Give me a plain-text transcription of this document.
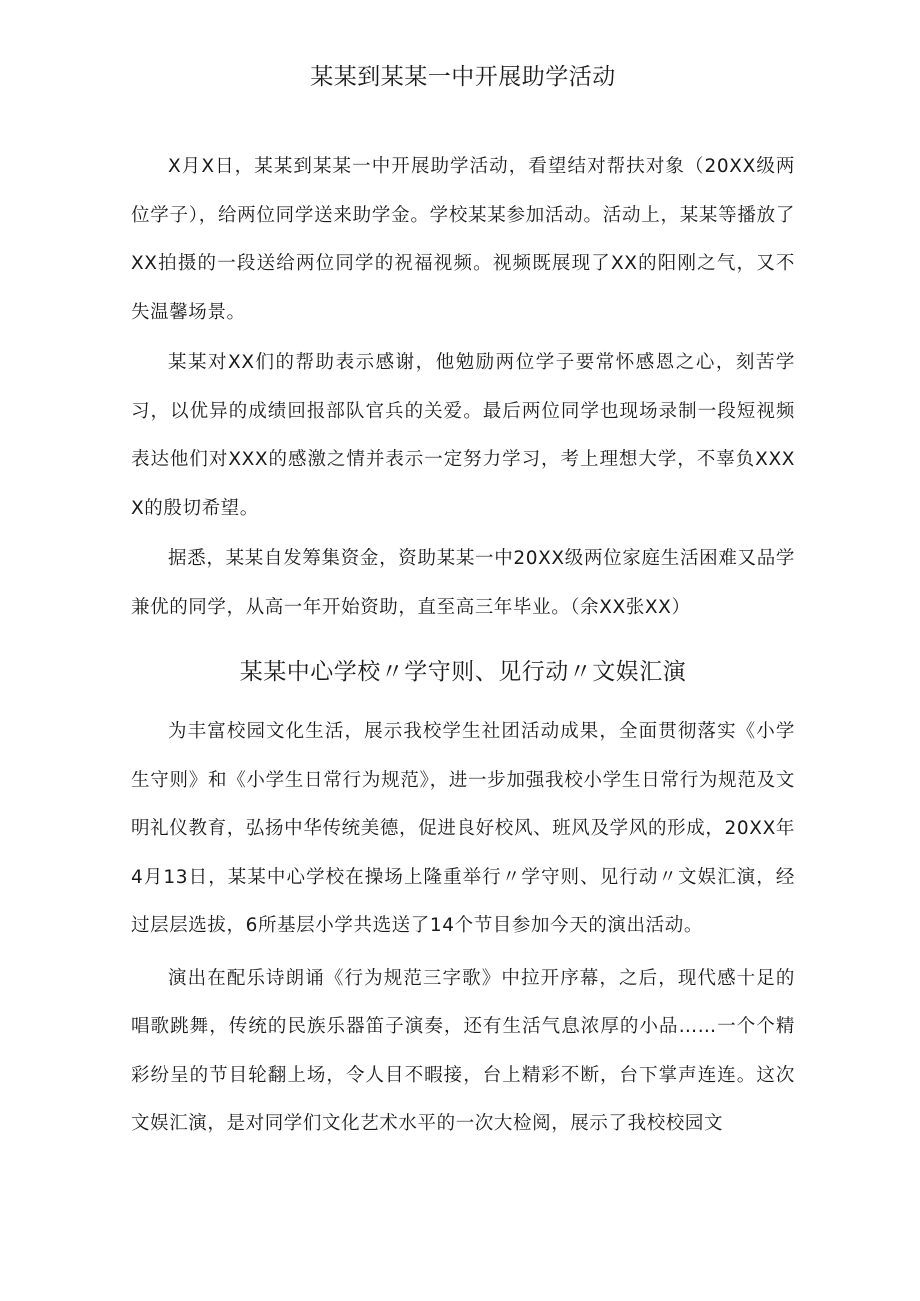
某某到某某一中开展助学活动

X月X日，某某到某某一中开展助学活动，看望结对帮扶对象（20XX级两位学子），给两位同学送来助学金。学校某某参加活动。活动上，某某等播放了XX拍摄的一段送给两位同学的祝福视频。视频既展现了XX的阳刚之气，又不失温馨场景。

某某对XX们的帮助表示感谢，他勉励两位学子要常怀感恩之心，刻苦学习，以优异的成绩回报部队官兵的关爱。最后两位同学也现场录制一段短视频表达他们对XXX的感激之情并表示一定努力学习，考上理想大学，不辜负XXXX的殷切希望。

据悉，某某自发筹集资金，资助某某一中20XX级两位家庭生活困难又品学兼优的同学，从高一年开始资助，直至高三年毕业。（余XX张XX）

某某中心学校〃学守则、见行动〃文娱汇演

为丰富校园文化生活，展示我校学生社团活动成果，全面贯彻落实《小学生守则》和《小学生日常行为规范》，进一步加强我校小学生日常行为规范及文明礼仪教育，弘扬中华传统美德，促进良好校风、班风及学风的形成，20XX年4月13日，某某中心学校在操场上隆重举行〃学守则、见行动〃文娱汇演，经过层层选拔，6所基层小学共选送了14个节目参加今天的演出活动。

演出在配乐诗朗诵《行为规范三字歌》中拉开序幕，之后，现代感十足的唱歌跳舞，传统的民族乐器笛子演奏，还有生活气息浓厚的小品……一个个精彩纷呈的节目轮翻上场，令人目不暇接，台上精彩不断，台下掌声连连。这次文娱汇演，是对同学们文化艺术水平的一次大检阅，展示了我校校园文
